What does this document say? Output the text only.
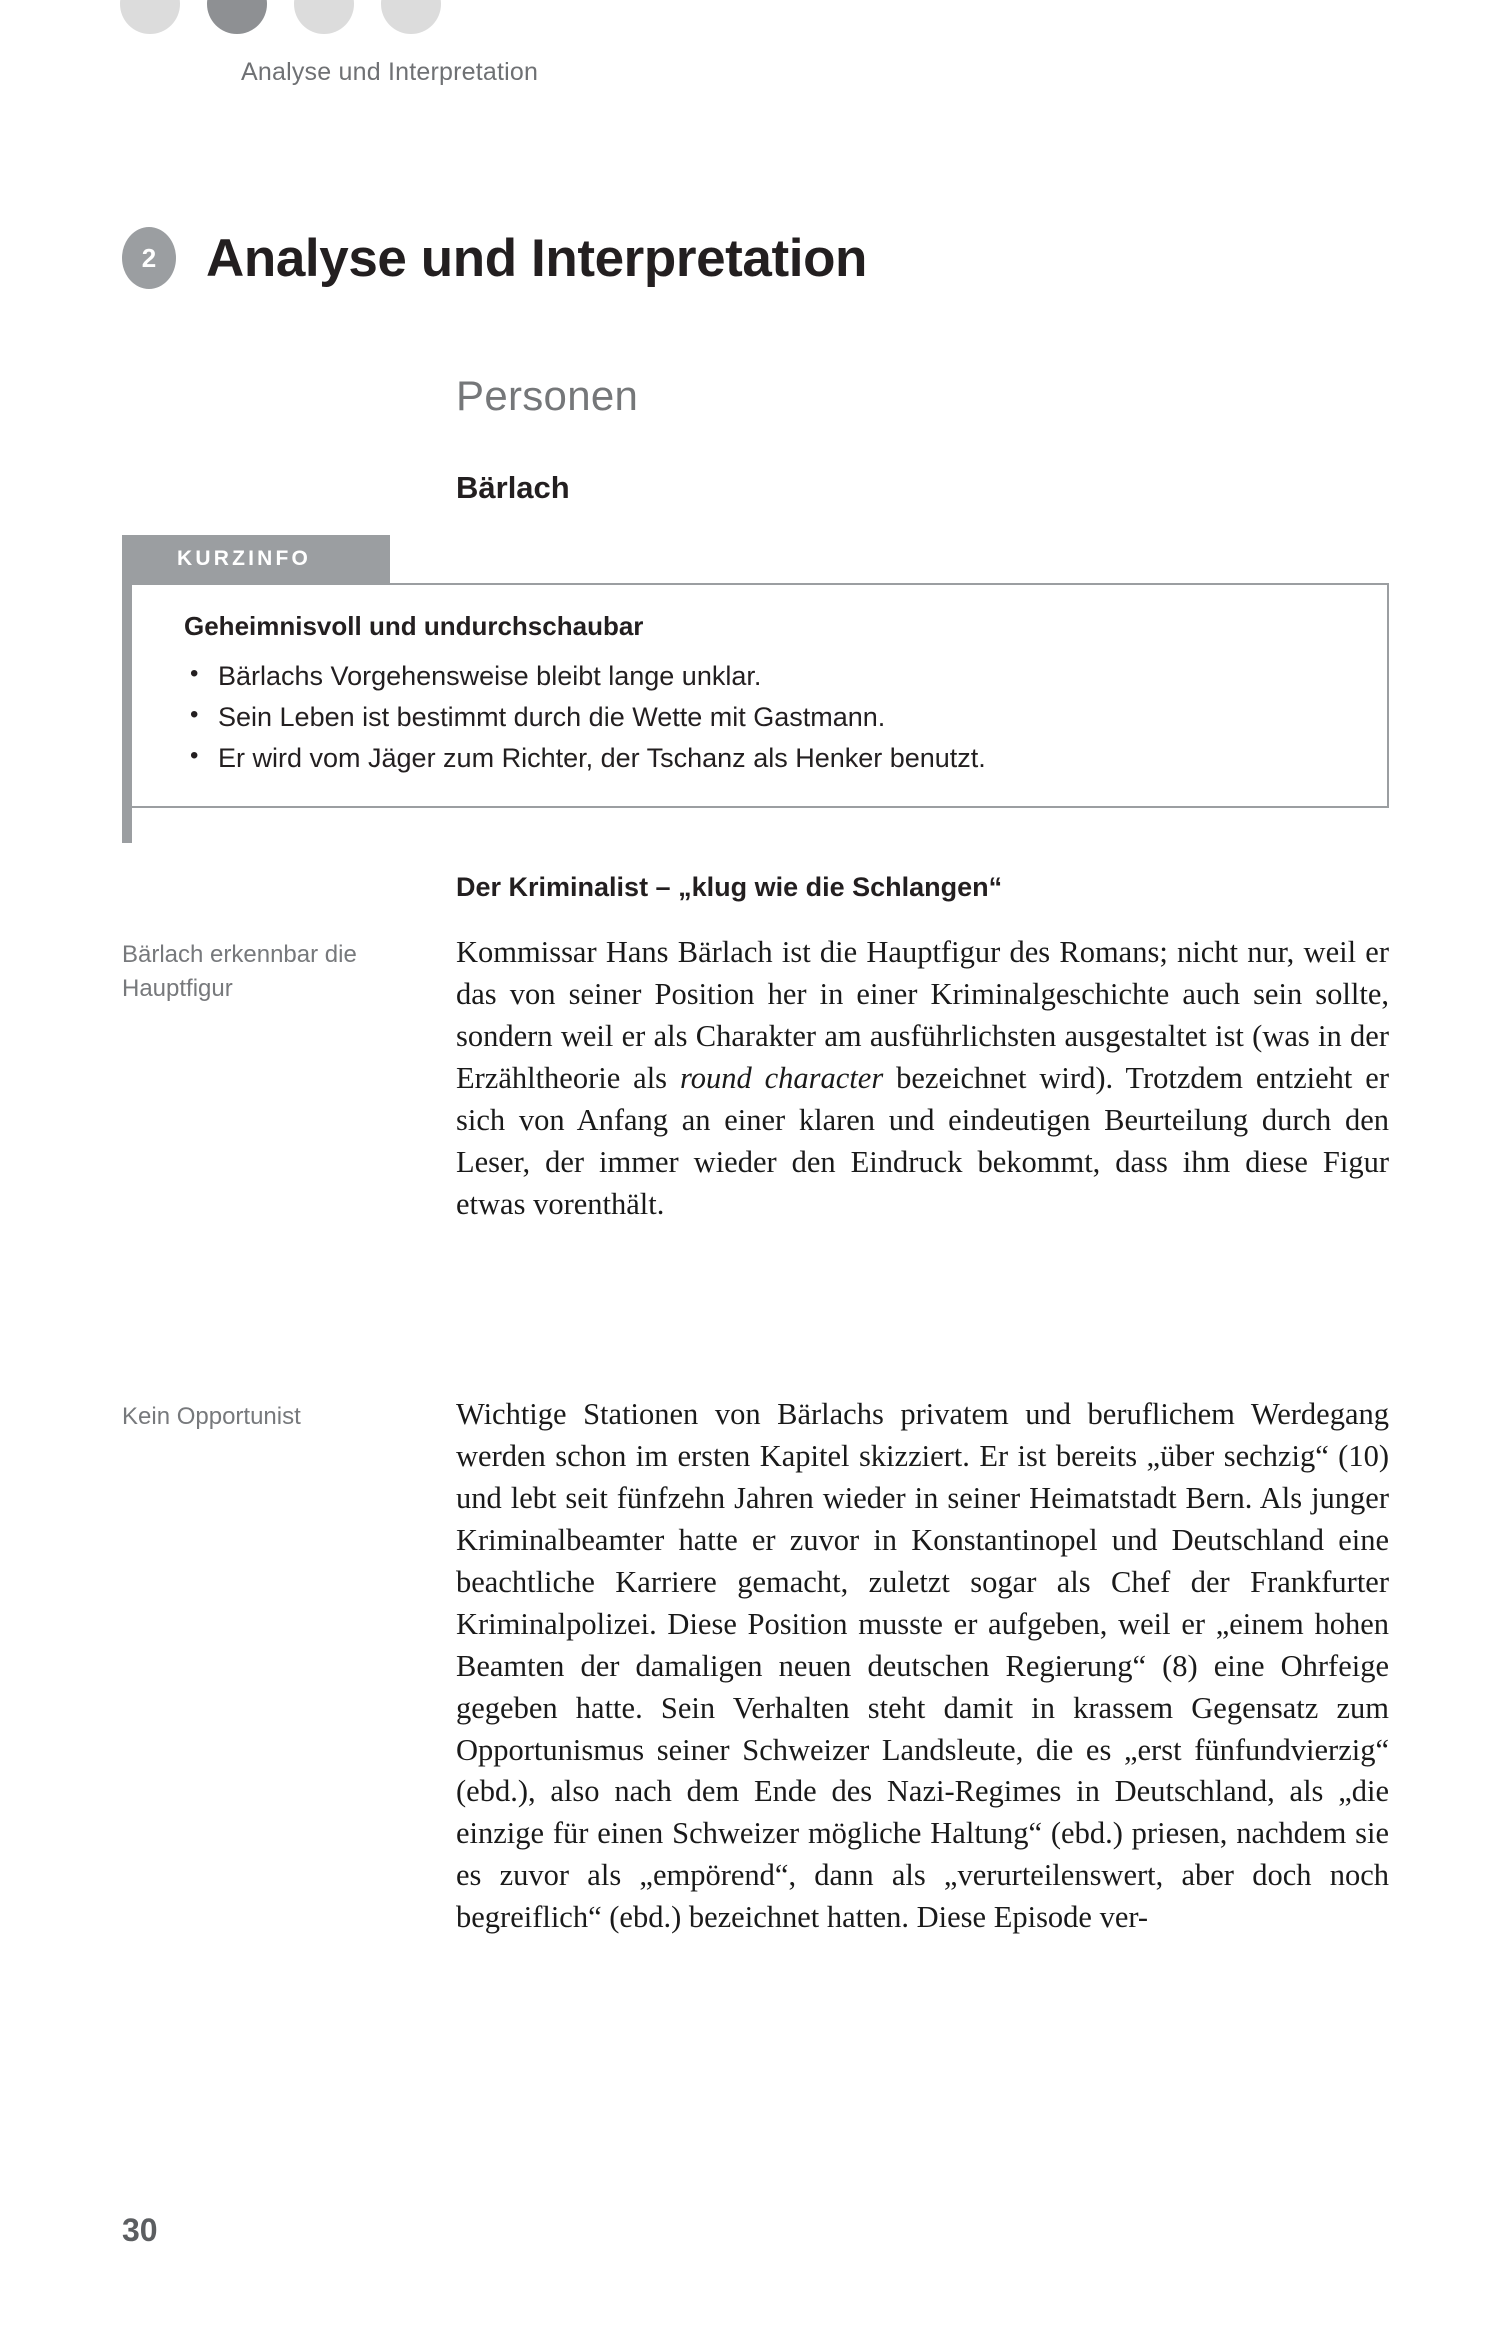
Analyse und Interpretation
2 Analyse und Interpretation
Personen
Bärlach
KURZINFO
Geheimnisvoll und undurchschaubar
• Bärlachs Vorgehensweise bleibt lange unklar.
• Sein Leben ist bestimmt durch die Wette mit Gastmann.
• Er wird vom Jäger zum Richter, der Tschanz als Henker benutzt.
Der Kriminalist – „klug wie die Schlangen“
Bärlach erkennbar die Hauptfigur
Kein Opportunist

Kommissar Hans Bärlach ist die Hauptfigur des Romans; nicht nur, weil er das von seiner Position her in einer Kriminalgeschichte auch sein sollte, sondern weil er als Charakter am ausführlichsten ausgestaltet ist (was in der Erzähltheorie als round character bezeichnet wird). Trotzdem entzieht er sich von Anfang an einer klaren und eindeutigen Beurteilung durch den Leser, der immer wieder den Eindruck bekommt, dass ihm diese Figur etwas vorenthält.

Wichtige Stationen von Bärlachs privatem und beruflichem Werdegang werden schon im ersten Kapitel skizziert. Er ist bereits „über sechzig“ (10) und lebt seit fünfzehn Jahren wieder in seiner Heimatstadt Bern. Als junger Kriminalbeamter hatte er zuvor in Konstantinopel und Deutschland eine beachtliche Karriere gemacht, zuletzt sogar als Chef der Frankfurter Kriminalpolizei. Diese Position musste er aufgeben, weil er „einem hohen Beamten der damaligen neuen deutschen Regierung“ (8) eine Ohrfeige gegeben hatte. Sein Verhalten steht damit in krassem Gegensatz zum Opportunismus seiner Schweizer Landsleute, die es „erst fünfundvierzig“ (ebd.), also nach dem Ende des Nazi-Regimes in Deutschland, als „die einzige für einen Schweizer mögliche Haltung“ (ebd.) priesen, nachdem sie es zuvor als „empörend“, dann als „verurteilenswert, aber doch noch begreiflich“ (ebd.) bezeichnet hatten. Diese Episode ver-

30
